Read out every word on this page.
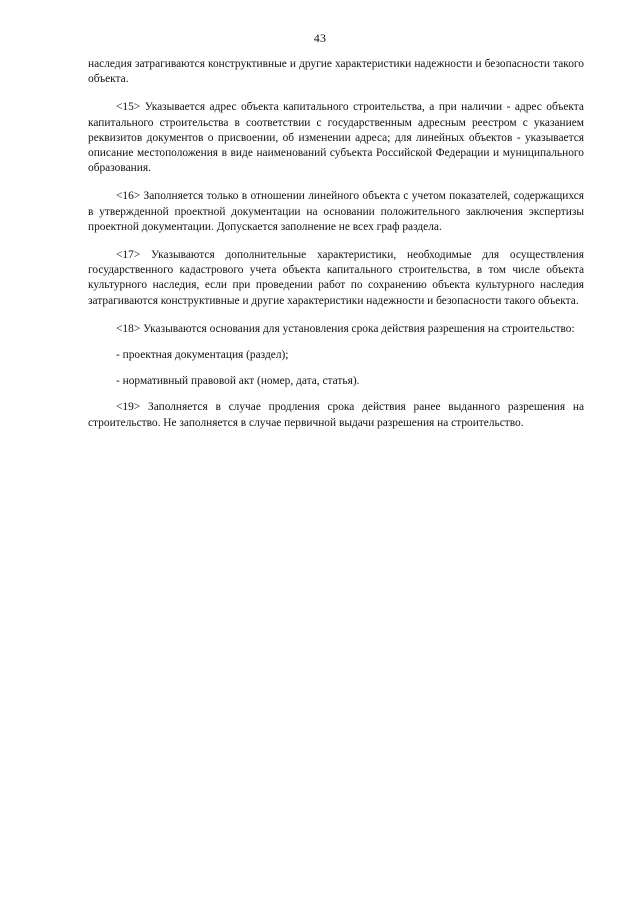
43

наследия затрагиваются конструктивные и другие характеристики надежности и безопасности такого объекта.

<15> Указывается адрес объекта капитального строительства, а при наличии - адрес объекта капитального строительства в соответствии с государственным адресным реестром с указанием реквизитов документов о присвоении, об изменении адреса; для линейных объектов - указывается описание местоположения в виде наименований субъекта Российской Федерации и муниципального образования.

<16> Заполняется только в отношении линейного объекта с учетом показателей, содержащихся в утвержденной проектной документации на основании положительного заключения экспертизы проектной документации. Допускается заполнение не всех граф раздела.

<17> Указываются дополнительные характеристики, необходимые для осуществления государственного кадастрового учета объекта капитального строительства, в том числе объекта культурного наследия, если при проведении работ по сохранению объекта культурного наследия затрагиваются конструктивные и другие характеристики надежности и безопасности такого объекта.

<18> Указываются основания для установления срока действия разрешения на строительство:

- проектная документация (раздел);

- нормативный правовой акт (номер, дата, статья).

<19> Заполняется в случае продления срока действия ранее выданного разрешения на строительство. Не заполняется в случае первичной выдачи разрешения на строительство.
